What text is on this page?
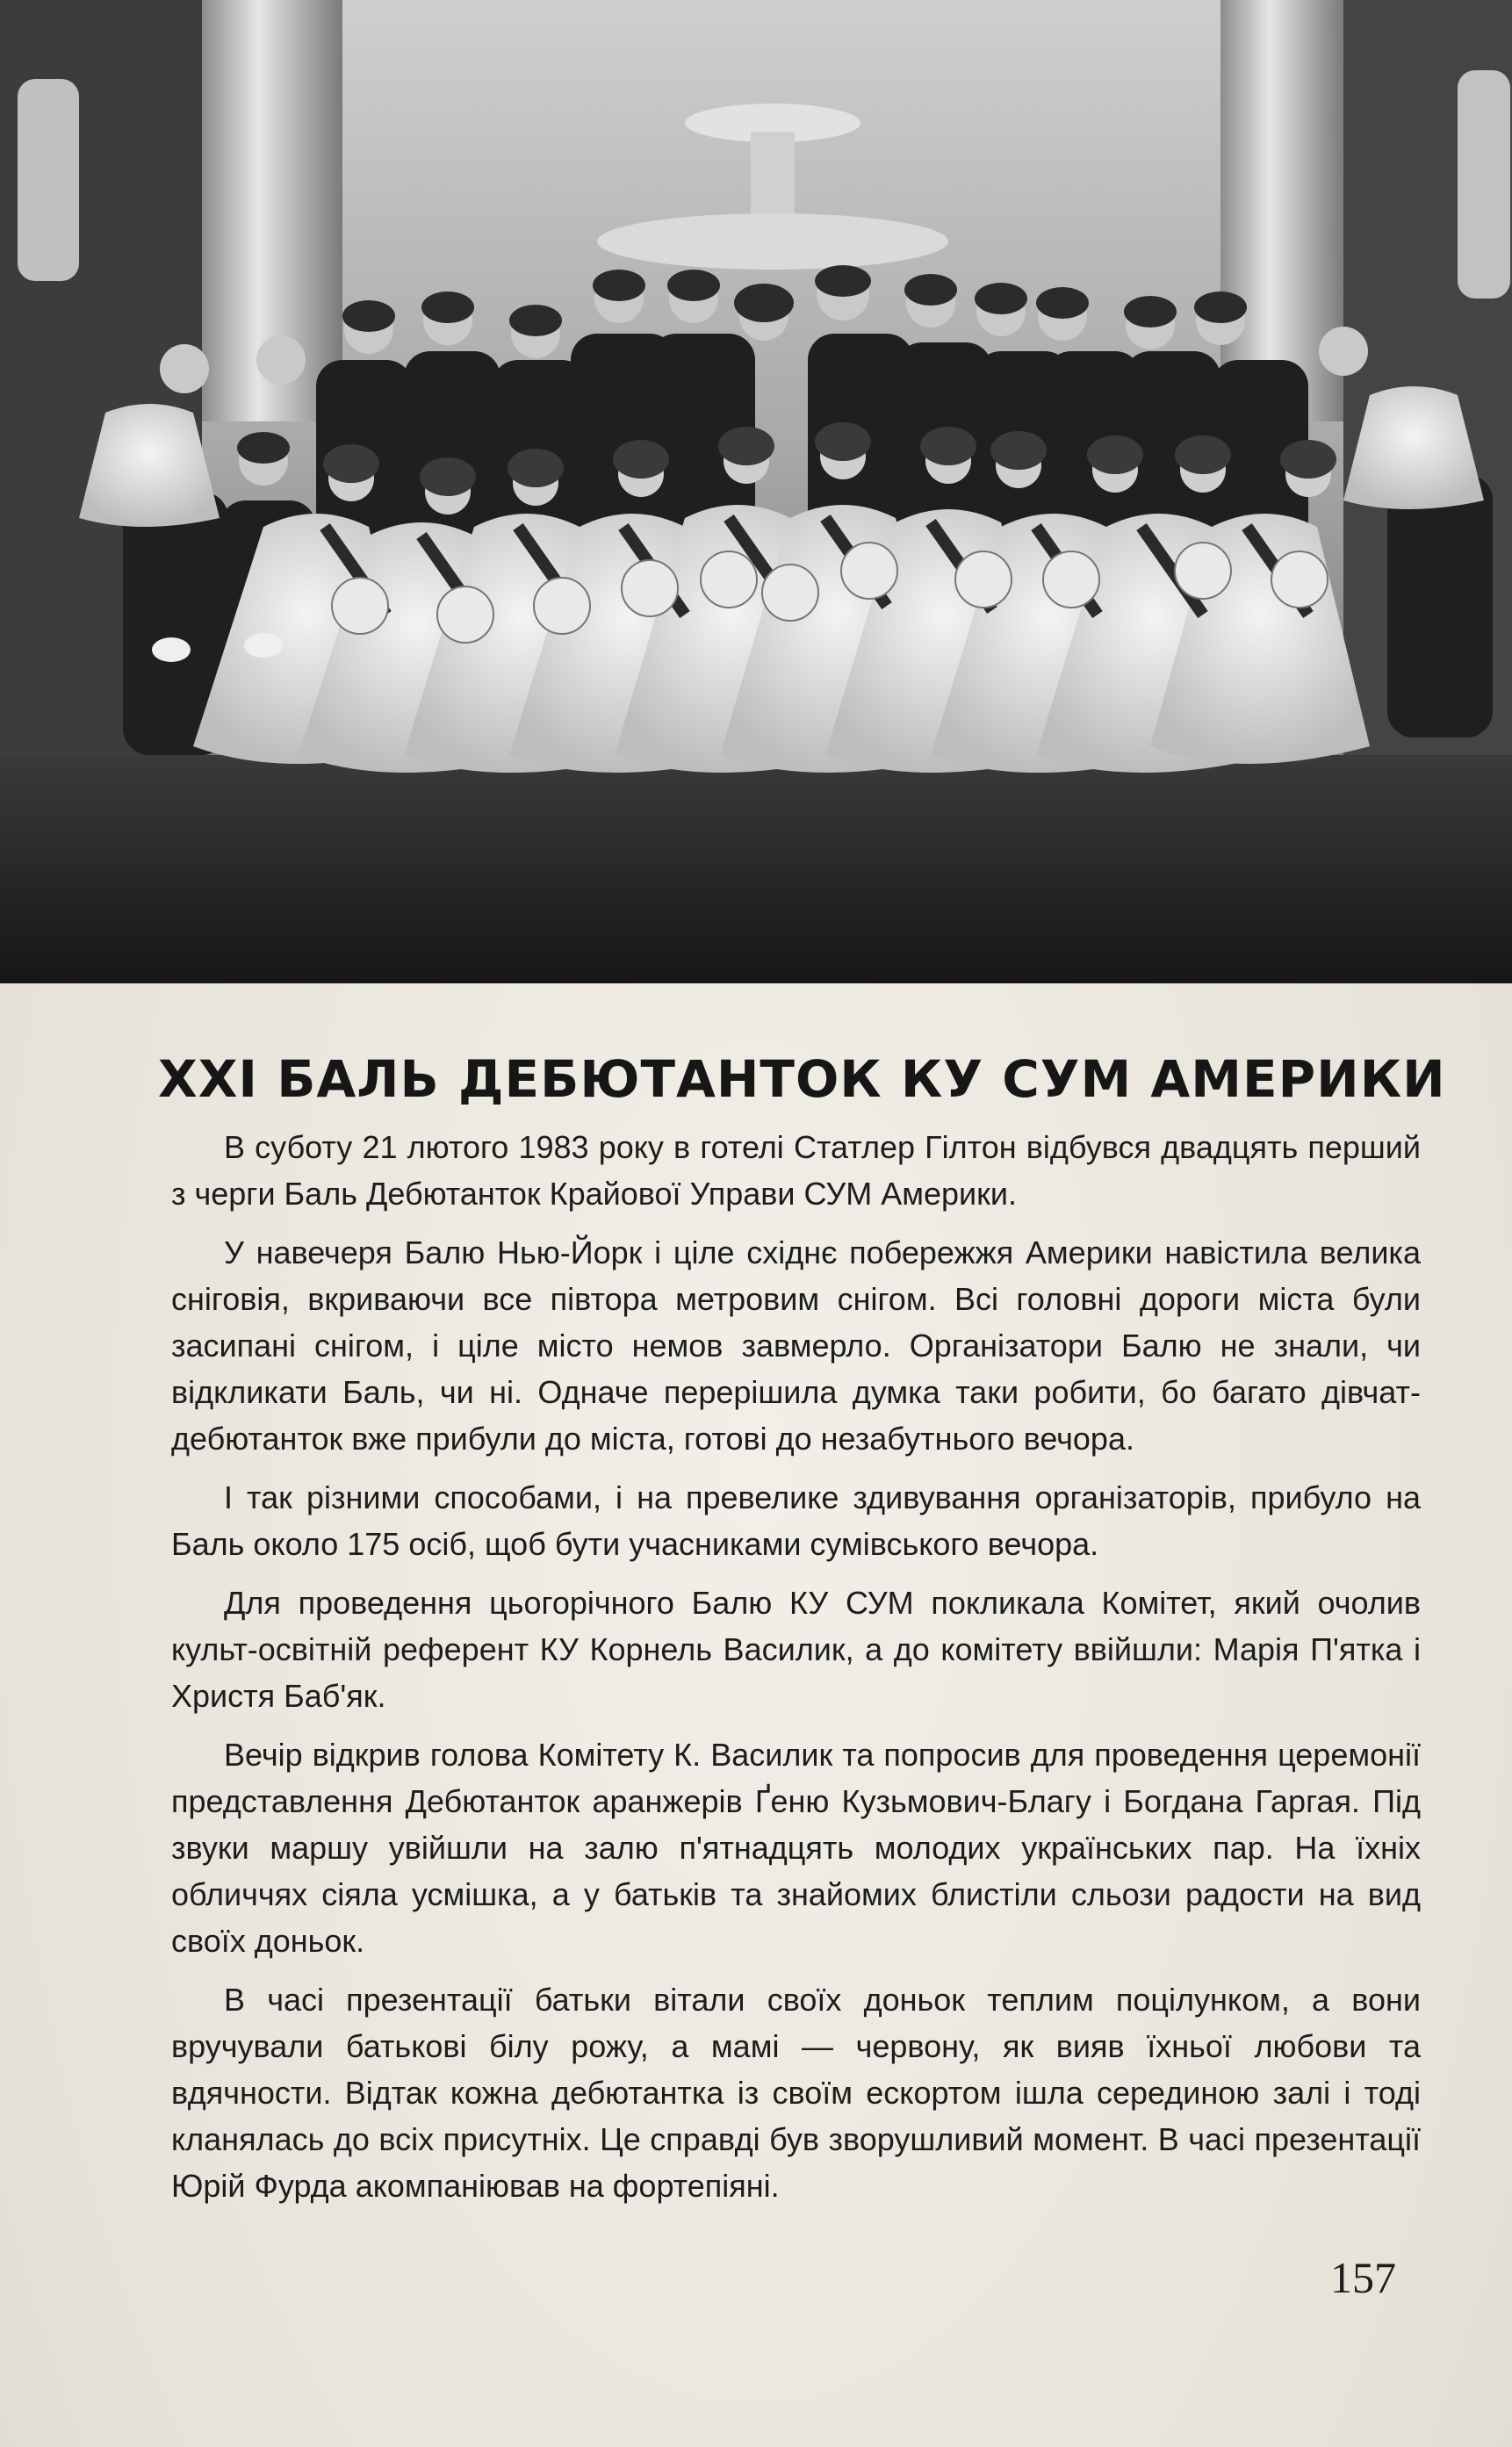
XXI БАЛЬ ДЕБЮТАНТОК КУ СУМ АМЕРИКИ

В суботу 21 лютого 1983 року в готелі Статлер Гілтон відбувся двадцять перший з черги Баль Дебютанток Крайової Управи СУМ Америки.

У навечеря Балю Нью-Йорк і ціле східнє побережжя Америки навістила велика сніговія, вкриваючи все півтора метровим снігом. Всі головні дороги міста були засипані снігом, і ціле місто немов завмерло. Організатори Балю не знали, чи відкликати Баль, чи ні. Одначе перерішила думка таки робити, бо багато дівчат-дебютанток вже прибули до міста, готові до незабутнього вечора.

І так різними способами, і на превелике здивування організаторів, прибуло на Баль около 175 осіб, щоб бути учасниками сумівського вечора.

Для проведення цьогорічного Балю КУ СУМ покликала Комітет, який очолив культ-освітній референт КУ Корнель Василик, а до комітету ввійшли: Марія П'ятка і Христя Баб'як.

Вечір відкрив голова Комітету К. Василик та попросив для проведення церемонії представлення Дебютанток аранжерів Ґеню Кузьмович-Благу і Богдана Гаргая. Під звуки маршу увійшли на залю п'ятнадцять молодих українських пар. На їхніх обличчях сіяла усмішка, а у батьків та знайомих блистіли сльози радости на вид своїх доньок.

В часі презентації батьки вітали своїх доньок теплим поцілунком, а вони вручували батькові білу рожу, а мамі — червону, як вияв їхньої любови та вдячности. Відтак кожна дебютантка із своїм ескортом ішла серединою залі і тоді кланялась до всіх присутніх. Це справді був зворушливий момент. В часі презентації Юрій Фурда акомпаніював на фортепіяні.

157
